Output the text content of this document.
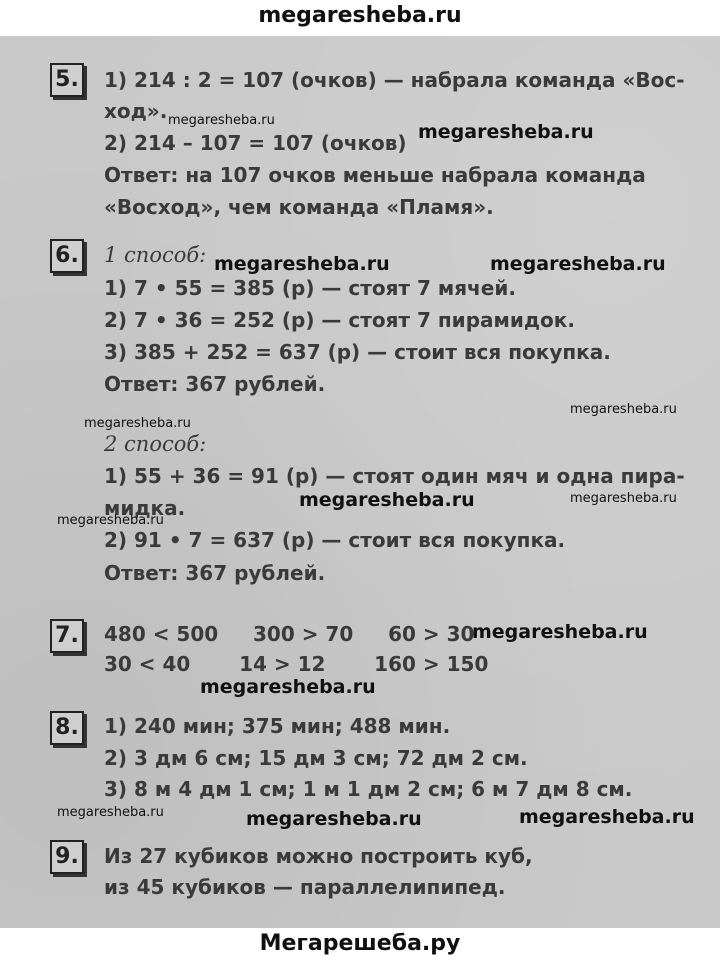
megaresheba.ru
5. 1) 214 : 2 = 107 (очков) — набрала команда «Вос-
ход».
2) 214 – 107 = 107 (очков)
Ответ: на 107 очков меньше набрала команда
«Восход», чем команда «Пламя».
6. 1 способ:
1) 7 • 55 = 385 (р) — стоят 7 мячей.
2) 7 • 36 = 252 (р) — стоят 7 пирамидок.
3) 385 + 252 = 637 (р) — стоит вся покупка.
Ответ: 367 рублей.
2 способ:
1) 55 + 36 = 91 (р) — стоят один мяч и одна пира-
мидка.
2) 91 • 7 = 637 (р) — стоит вся покупка.
Ответ: 367 рублей.
7. 480 < 500     300 > 70     60 > 30
30 < 40       14 > 12       160 > 150
8. 1) 240 мин; 375 мин; 488 мин.
2) 3 дм 6 см; 15 дм 3 см; 72 дм 2 см.
3) 8 м 4 дм 1 см; 1 м 1 дм 2 см; 6 м 7 дм 8 см.
9. Из 27 кубиков можно построить куб,
из 45 кубиков — параллелипипед.
megaresheba.ru
megaresheba.ru
megaresheba.ru	megaresheba.ru
megaresheba.ru
megaresheba.ru
megaresheba.ru	megaresheba.ru
megaresheba.ru
megaresheba.ru
megaresheba.ru
megaresheba.ru	megaresheba.ru	megaresheba.ru
Мегарешеба.ру
